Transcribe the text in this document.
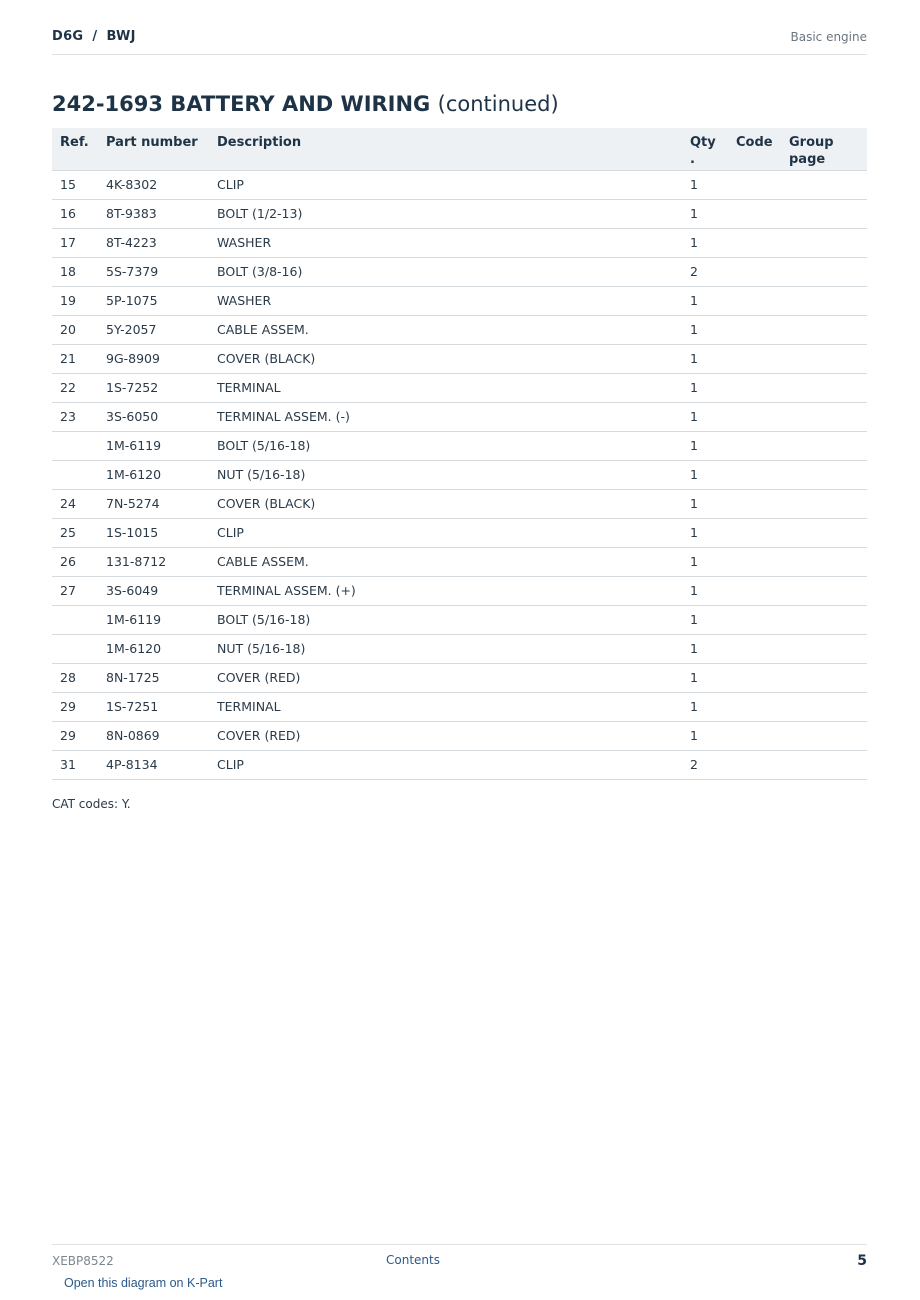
D6G / BWJ	Basic engine
242-1693 BATTERY AND WIRING (continued)
Ref.	Part number	Description	Qty .	Code	Group page
15	4K-8302	CLIP	1		
16	8T-9383	BOLT (1/2-13)	1		
17	8T-4223	WASHER	1		
18	5S-7379	BOLT (3/8-16)	2		
19	5P-1075	WASHER	1		
20	5Y-2057	CABLE ASSEM.	1		
21	9G-8909	COVER (BLACK)	1		
22	1S-7252	TERMINAL	1		
23	3S-6050	TERMINAL ASSEM. (-)	1		
	1M-6119	BOLT (5/16-18)	1		
	1M-6120	NUT (5/16-18)	1		
24	7N-5274	COVER (BLACK)	1		
25	1S-1015	CLIP	1		
26	131-8712	CABLE ASSEM.	1		
27	3S-6049	TERMINAL ASSEM. (+)	1		
	1M-6119	BOLT (5/16-18)	1		
	1M-6120	NUT (5/16-18)	1		
28	8N-1725	COVER (RED)	1		
29	1S-7251	TERMINAL	1		
29	8N-0869	COVER (RED)	1		
31	4P-8134	CLIP	2		
CAT codes: Y.
XEBP8522	Contents	5
Open this diagram on K-Part
